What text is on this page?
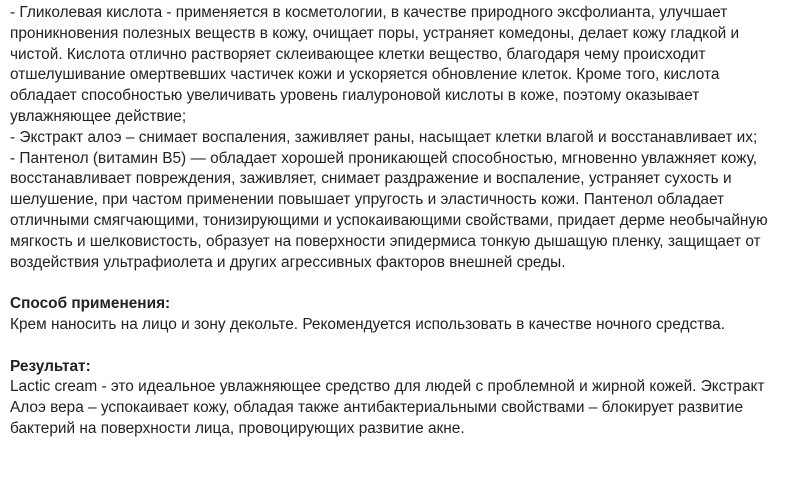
- Гликолевая кислота - применяется в косметологии, в качестве природного эксфолианта, улучшает
проникновения полезных веществ в кожу, очищает поры, устраняет комедоны, делает кожу гладкой и
чистой. Кислота отлично растворяет склеивающее клетки вещество, благодаря чему происходит
отшелушивание омертвевших частичек кожи и ускоряется обновление клеток. Кроме того, кислота
обладает способностью увеличивать уровень гиалуроновой кислоты в коже, поэтому оказывает
увлажняющее действие;
- Экстракт алоэ – снимает воспаления, заживляет раны, насыщает клетки влагой и восстанавливает их;
- Пантенол (витамин B5) — обладает хорошей проникающей способностью, мгновенно увлажняет кожу,
восстанавливает повреждения, заживляет, снимает раздражение и воспаление, устраняет сухость и
шелушение, при частом применении повышает упругость и эластичность кожи. Пантенол обладает
отличными смягчающими, тонизирующими и успокаивающими свойствами, придает дерме необычайную
мягкость и шелковистость, образует на поверхности эпидермиса тонкую дышащую пленку, защищает от
воздействия ультрафиолета и других агрессивных факторов внешней среды.
Способ применения:
Крем наносить на лицо и зону декольте. Рекомендуется использовать в качестве ночного средства.
Результат:
Lactic cream - это идеальное увлажняющее средство для людей с проблемной и жирной кожей. Экстракт
Алоэ вера – успокаивает кожу, обладая также антибактериальными свойствами – блокирует развитие
бактерий на поверхности лица, провоцирующих развитие акне.
